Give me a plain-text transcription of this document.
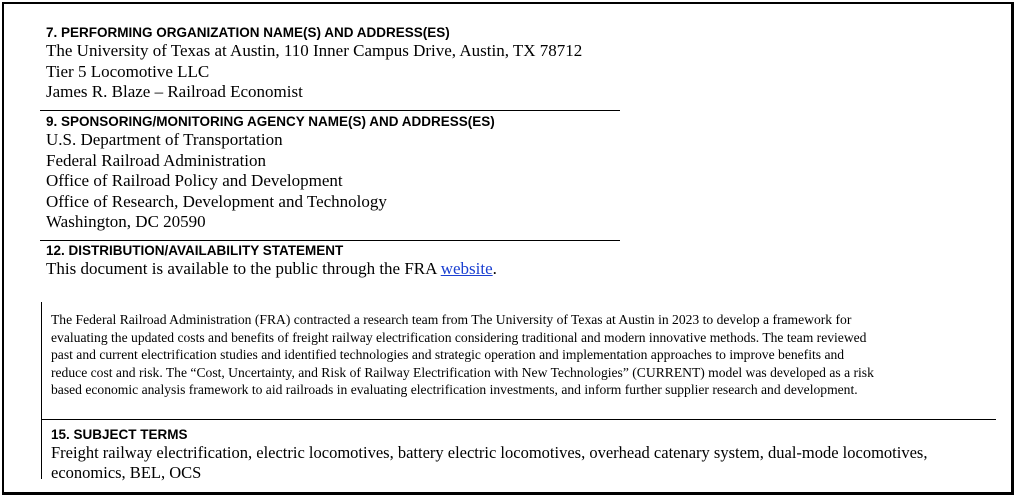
7. PERFORMING ORGANIZATION NAME(S) AND ADDRESS(ES)
The University of Texas at Austin, 110 Inner Campus Drive, Austin, TX 78712
Tier 5 Locomotive LLC
James R. Blaze – Railroad Economist
9. SPONSORING/MONITORING AGENCY NAME(S) AND ADDRESS(ES)
U.S. Department of Transportation
Federal Railroad Administration
Office of Railroad Policy and Development
Office of Research, Development and Technology
Washington, DC 20590
12. DISTRIBUTION/AVAILABILITY STATEMENT
This document is available to the public through the FRA website.
The Federal Railroad Administration (FRA) contracted a research team from The University of Texas at Austin in 2023 to develop a framework for
evaluating the updated costs and benefits of freight railway electrification considering traditional and modern innovative methods. The team reviewed
past and current electrification studies and identified technologies and strategic operation and implementation approaches to improve benefits and
reduce cost and risk. The “Cost, Uncertainty, and Risk of Railway Electrification with New Technologies” (CURRENT) model was developed as a risk
based economic analysis framework to aid railroads in evaluating electrification investments, and inform further supplier research and development.
15. SUBJECT TERMS
Freight railway electrification, electric locomotives, battery electric locomotives, overhead catenary system, dual-mode locomotives,
economics, BEL, OCS
